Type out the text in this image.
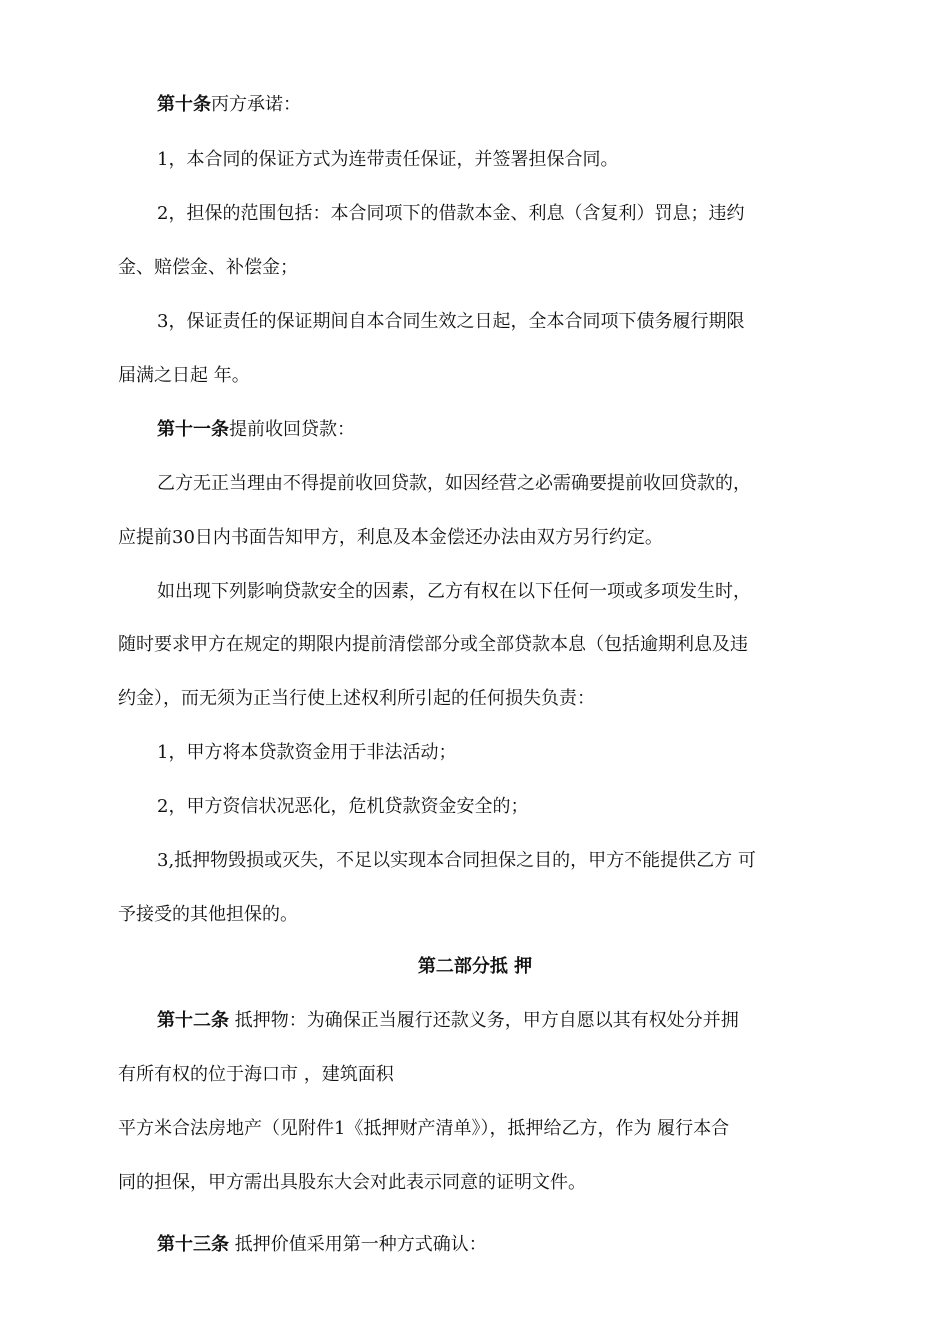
第十条丙方承诺：
1，本合同的保证方式为连带责任保证，并签署担保合同。
2，担保的范围包括：本合同项下的借款本金、利息（含复利）罚息；违约
金、赔偿金、补偿金；
3，保证责任的保证期间自本合同生效之日起，全本合同项下债务履行期限
届满之日起 年。
第十一条提前收回贷款：
乙方无正当理由不得提前收回贷款，如因经营之必需确要提前收回贷款的，
应提前30日内书面告知甲方，利息及本金偿还办法由双方另行约定。
如出现下列影响贷款安全的因素，乙方有权在以下任何一项或多项发生时，
随时要求甲方在规定的期限内提前清偿部分或全部贷款本息（包括逾期利息及违
约金），而无须为正当行使上述权利所引起的任何损失负责：
1，甲方将本贷款资金用于非法活动；
2，甲方资信状况恶化，危机贷款资金安全的；
3,抵押物毁损或灭失，不足以实现本合同担保之目的，甲方不能提供乙方 可
予接受的其他担保的。
第二部分抵 押
第十二条 抵押物：为确保正当履行还款义务，甲方自愿以其有权处分并拥
有所有权的位于海口市 ，建筑面积
平方米合法房地产（见附件1《抵押财产清单》），抵押给乙方，作为 履行本合
同的担保，甲方需出具股东大会对此表示同意的证明文件。
第十三条 抵押价值采用第一种方式确认：
